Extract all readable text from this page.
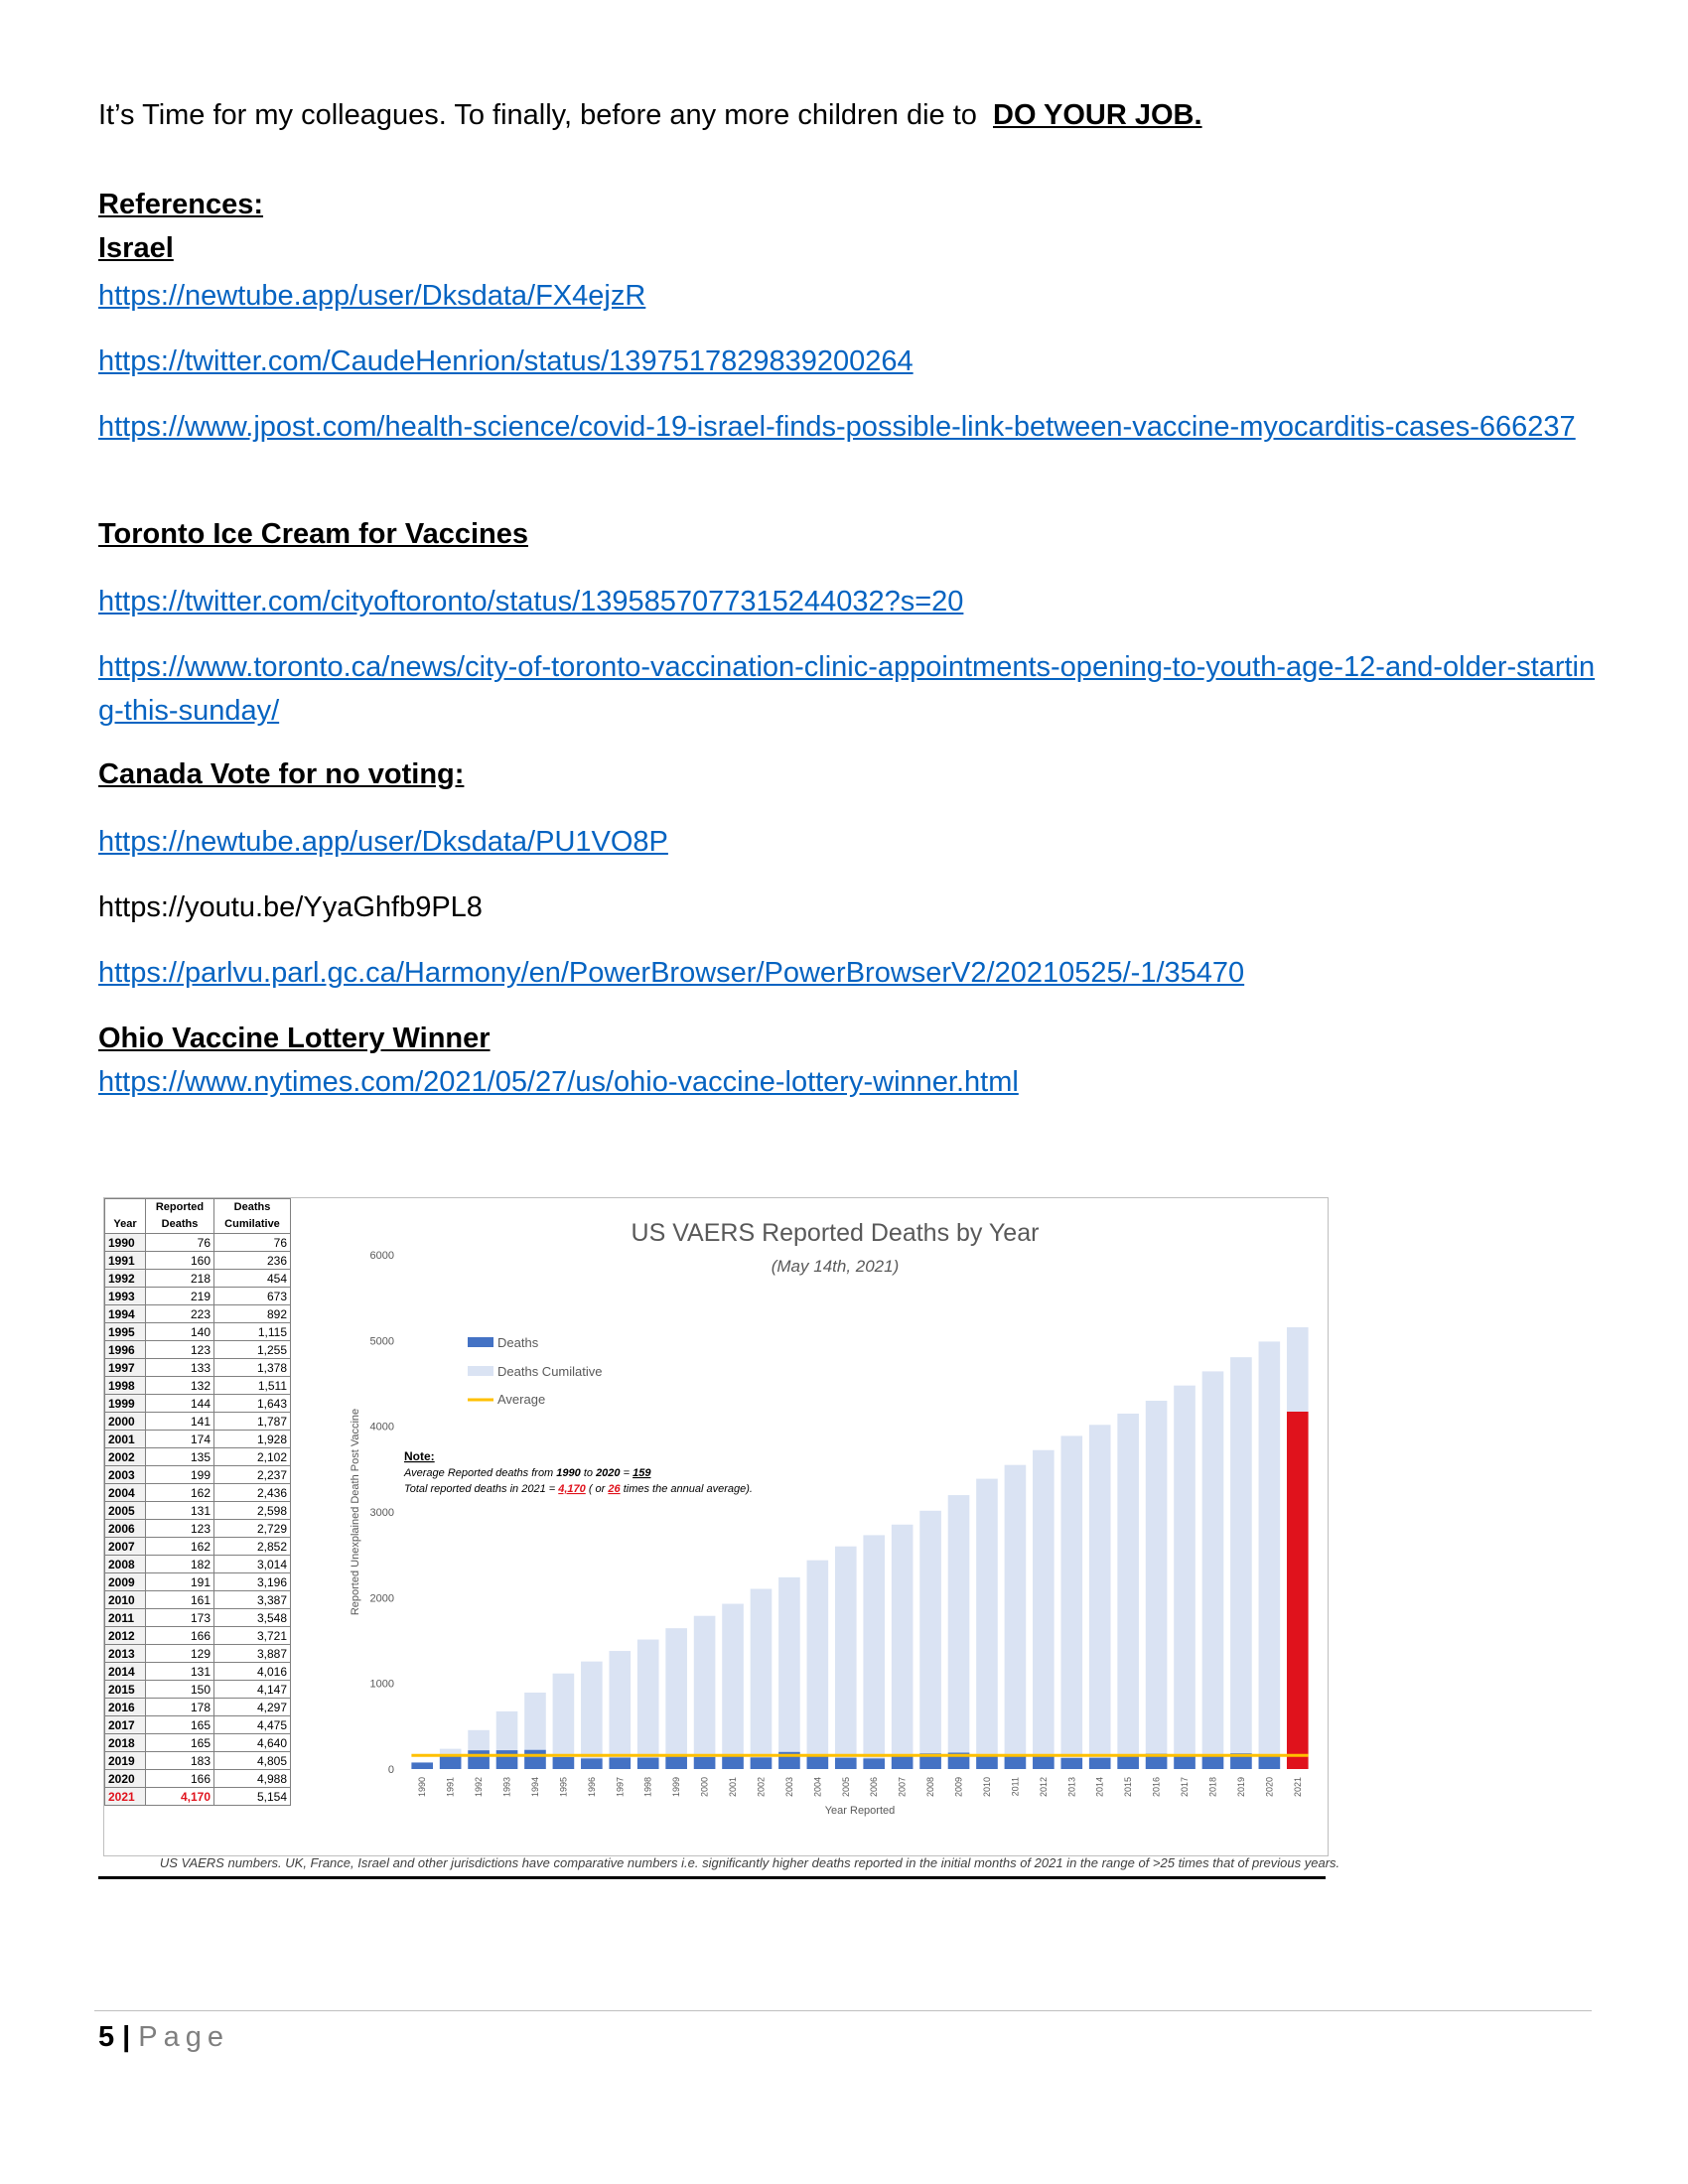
It’s Time for my colleagues. To finally, before any more children die to DO YOUR JOB.
References:
Israel
https://newtube.app/user/Dksdata/FX4ejzR
https://twitter.com/CaudeHenrion/status/1397517829839200264
https://www.jpost.com/health-science/covid-19-israel-finds-possible-link-between-vaccine-myocarditis-cases-666237
Toronto Ice Cream for Vaccines
https://twitter.com/cityoftoronto/status/1395857077315244032?s=20
https://www.toronto.ca/news/city-of-toronto-vaccination-clinic-appointments-opening-to-youth-age-12-and-older-starting-this-sunday/
Canada Vote for no voting:
https://newtube.app/user/Dksdata/PU1VO8P
https://youtu.be/YyaGhfb9PL8
https://parlvu.parl.gc.ca/Harmony/en/PowerBrowser/PowerBrowserV2/20210525/-1/35470
Ohio Vaccine Lottery Winner
https://www.nytimes.com/2021/05/27/us/ohio-vaccine-lottery-winner.html
Year	Reported Deaths	Deaths Cumilative
1990	76	76
1991	160	236
1992	218	454
1993	219	673
1994	223	892
1995	140	1,115
1996	123	1,255
1997	133	1,378
1998	132	1,511
1999	144	1,643
2000	141	1,787
2001	174	1,928
2002	135	2,102
2003	199	2,237
2004	162	2,436
2005	131	2,598
2006	123	2,729
2007	162	2,852
2008	182	3,014
2009	191	3,196
2010	161	3,387
2011	173	3,548
2012	166	3,721
2013	129	3,887
2014	131	4,016
2015	150	4,147
2016	178	4,297
2017	165	4,475
2018	165	4,640
2019	183	4,805
2020	166	4,988
2021	4,170	5,154
US VAERS Reported Deaths by Year
(May 14th, 2021)
0
1000
2000
3000
4000
5000
6000
Reported Unexplained Death Post Vaccine
Year Reported
1990 1991 1992 1993 1994 1995 1996 1997 1998 1999 2000 2001 2002 2003 2004 2005 2006 2007 2008 2009 2010 2011 2012 2013 2014 2015 2016 2017 2018 2019 2020 2021
Deaths
Deaths Cumilative
Average
Note:
Average Reported deaths from 1990 to 2020 = 159
Total reported deaths in 2021 = 4,170 ( or 26 times the annual average).
US VAERS numbers. UK, France, Israel and other jurisdictions have comparative numbers i.e. significantly higher deaths reported in the initial months of 2021 in the range of >25 times that of previous years.
5 | Page
